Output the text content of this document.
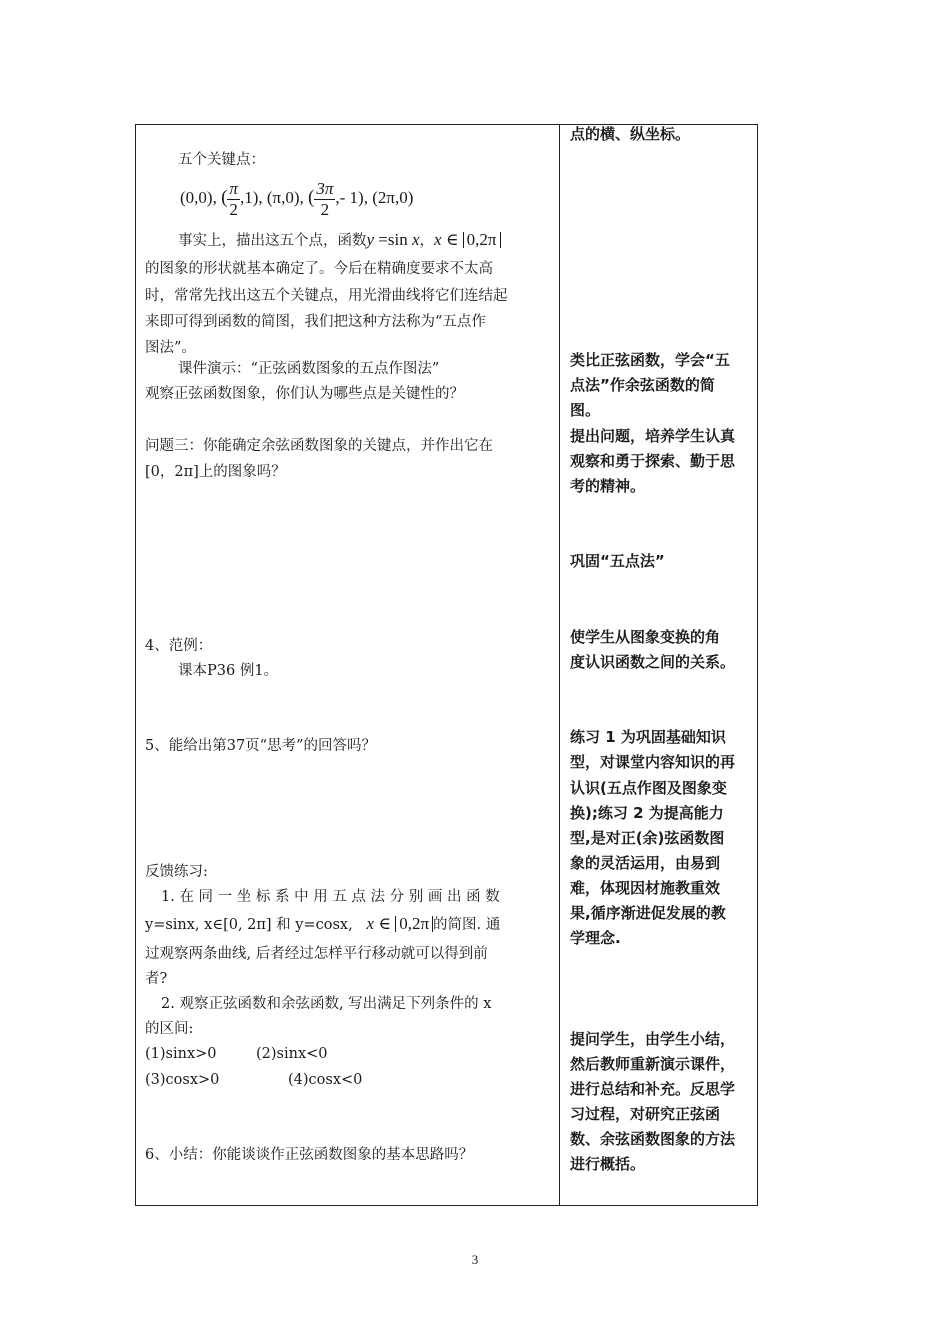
五个关键点：
(0,0), ( $\frac{\pi}{2} ,1$), (π,0), ( $\frac{3\pi}{2}$ ,- 1), (2π,0)
事实上，描出这五个点，函数y =sin x，x ∈ 0,2π
的图象的形状就基本确定了。今后在精确度要求不太高
时，常常先找出这五个关键点，用光滑曲线将它们连结起
来即可得到函数的简图，我们把这种方法称为“五点作
图法”。
课件演示：“正弦函数图象的五点作图法”
观察正弦函数图象，你们认为哪些点是关键性的？
问题三：你能确定余弦函数图象的关键点，并作出它在
[0，2π]上的图象吗？
4、范例：
课本P36 例1。
5、能给出第37页“思考”的回答吗？
反馈练习:
1. 在 同 一 坐 标 系 中 用 五 点 法 分 别 画 出 函 数
y=sinx, x∈[0, 2π] 和 y=cosx, x ∈ 0,2π 的简图. 通
过观察两条曲线, 后者经过怎样平行移动就可以得到前
者?
2. 观察正弦函数和余弦函数, 写出满足下列条件的 x
的区间:
(1)sinx>0	(2)sinx<0
(3)cosx>0	(4)cosx<0
6、小结：你能谈谈作正弦函数图象的基本思路吗？
点的横、纵坐标。
类比正弦函数，学会“五
点法”作余弦函数的简
图。
提出问题，培养学生认真
观察和勇于探索、勤于思
考的精神。
巩固“五点法”
使学生从图象变换的角
度认识函数之间的关系。
练习 1 为巩固基础知识
型，对课堂内容知识的再
认识(五点作图及图象变
换);练习 2 为提高能力
型,是对正(余)弦函数图
象的灵活运用，由易到
难，体现因材施教重效
果,循序渐进促发展的教
学理念.
提问学生，由学生小结，
然后教师重新演示课件，
进行总结和补充。反思学
习过程，对研究正弦函
数、余弦函数图象的方法
进行概括。
3
